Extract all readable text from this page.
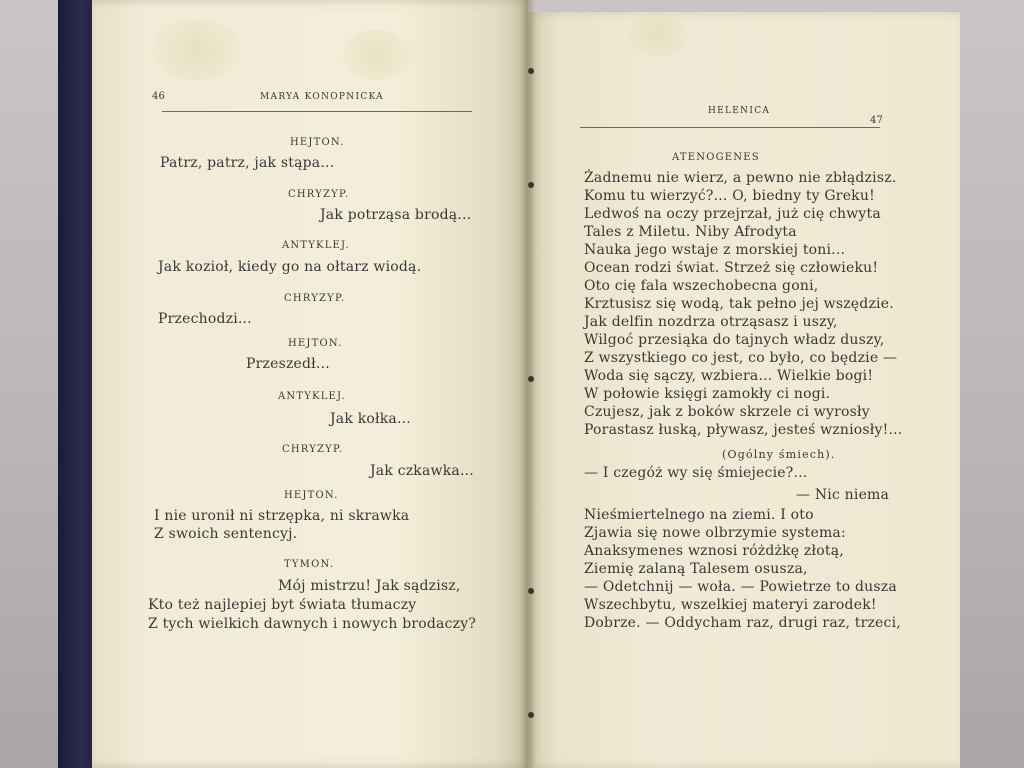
46	MARYA KONOPNICKA
HEJTON.
Patrz, patrz, jak stąpa...
CHRYZYP.
Jak potrząsa brodą...
ANTYKLEJ.
Jak kozioł, kiedy go na ołtarz wiodą.
CHRYZYP.
Przechodzi...
HEJTON.
Przeszedł...
ANTYKLEJ.
Jak kołka...
CHRYZYP.
Jak czkawka...
HEJTON.
I nie uronił ni strzępka, ni skrawka
Z swoich sentencyj.
TYMON.
Mój mistrzu! Jak sądzisz,
Kto też najlepiej byt świata tłumaczy
Z tych wielkich dawnych i nowych brodaczy?
HELENICA
47
ATENOGENES
Żadnemu nie wierz, a pewno nie zbłądzisz.
Komu tu wierzyć?... O, biedny ty Greku!
Ledwoś na oczy przejrzał, już cię chwyta
Tales z Miletu. Niby Afrodyta
Nauka jego wstaje z morskiej toni...
Ocean rodzi świat. Strzeż się człowieku!
Oto cię fala wszechobecna goni,
Krztusisz się wodą, tak pełno jej wszędzie.
Jak delfin nozdrza otrząsasz i uszy,
Wilgoć przesiąka do tajnych władz duszy,
Z wszystkiego co jest, co było, co będzie —
Woda się sączy, wzbiera... Wielkie bogi!
W połowie księgi zamokły ci nogi.
Czujesz, jak z boków skrzele ci wyrosły
Porastasz łuską, pływasz, jesteś wzniosły!...
(Ogólny śmiech).
— I czegóż wy się śmiejecie?...
— Nic niema
Nieśmiertelnego na ziemi. I oto
Zjawia się nowe olbrzymie systema:
Anaksymenes wznosi różdżkę złotą,
Ziemię zalaną Talesem osusza,
— Odetchnij — woła. — Powietrze to dusza
Wszechbytu, wszelkiej materyi zarodek!
Dobrze. — Oddycham raz, drugi raz, trzeci,
